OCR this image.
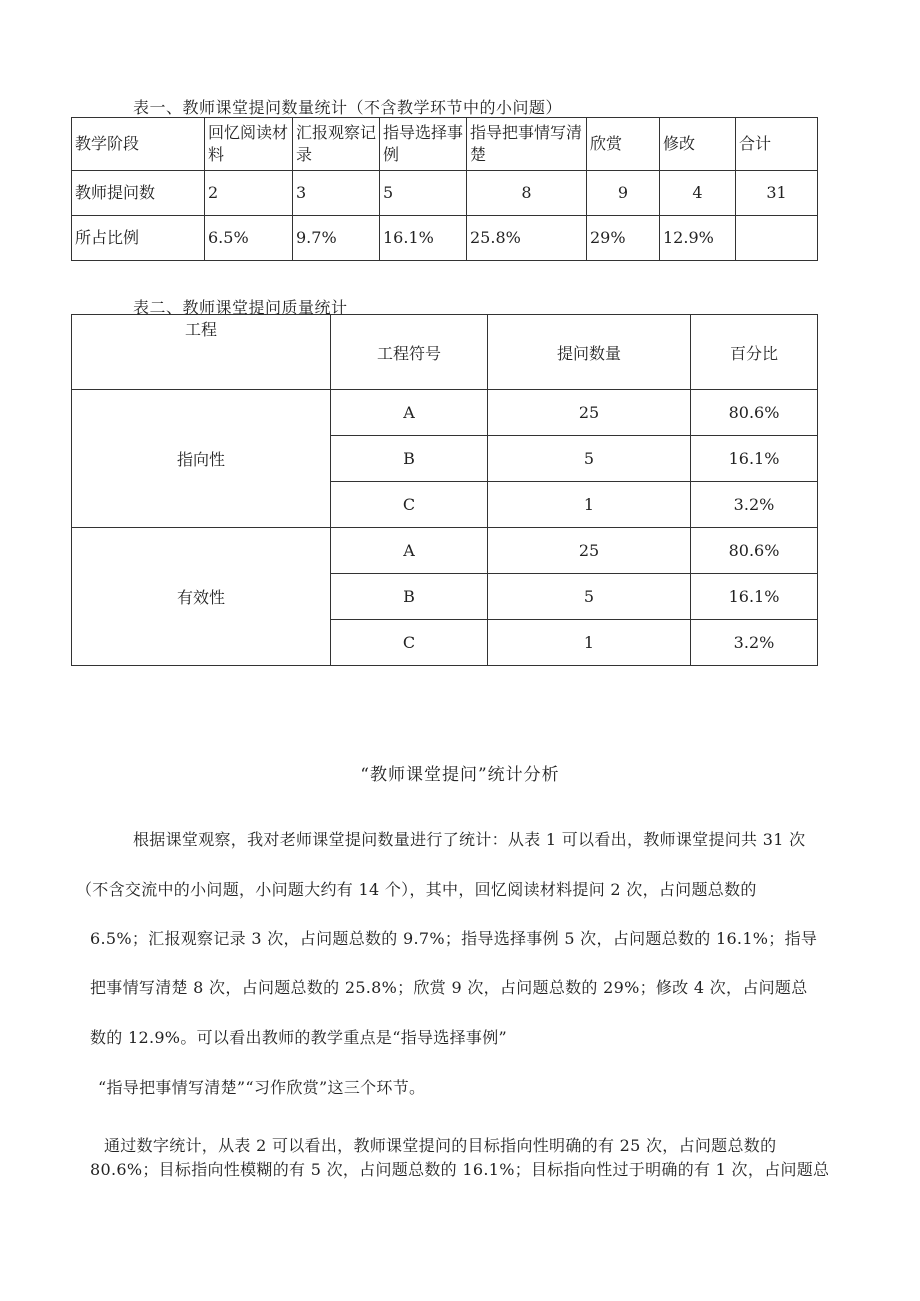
表一、教师课堂提问数量统计（不含教学环节中的小问题）
教学阶段	回忆阅读材料	汇报观察记录	指导选择事例	指导把事情写清楚	欣赏	修改	合计
教师提问数	2	3	5	8	9	4	31
所占比例	6.5%	9.7%	16.1%	25.8%	29%	12.9%	
表二、教师课堂提问质量统计
工程	工程符号	提问数量	百分比
指向性	A	25	80.6%
	B	5	16.1%
	C	1	3.2%
有效性	A	25	80.6%
	B	5	16.1%
	C	1	3.2%
“教师课堂提问”统计分析
根据课堂观察，我对老师课堂提问数量进行了统计：从表 1 可以看出，教师课堂提问共 31 次
（不含交流中的小问题，小问题大约有 14 个），其中，回忆阅读材料提问 2 次，占问题总数的
6.5%；汇报观察记录 3 次，占问题总数的 9.7%；指导选择事例 5 次，占问题总数的 16.1%；指导
把事情写清楚 8 次，占问题总数的 25.8%；欣赏 9 次，占问题总数的 29%；修改 4 次，占问题总
数的 12.9%。可以看出教师的教学重点是“指导选择事例”
“指导把事情写清楚”“习作欣赏”这三个环节。
通过数字统计，从表 2 可以看出，教师课堂提问的目标指向性明确的有 25 次，占问题总数的
80.6%；目标指向性模糊的有 5 次，占问题总数的 16.1%；目标指向性过于明确的有 1 次，占问题总
